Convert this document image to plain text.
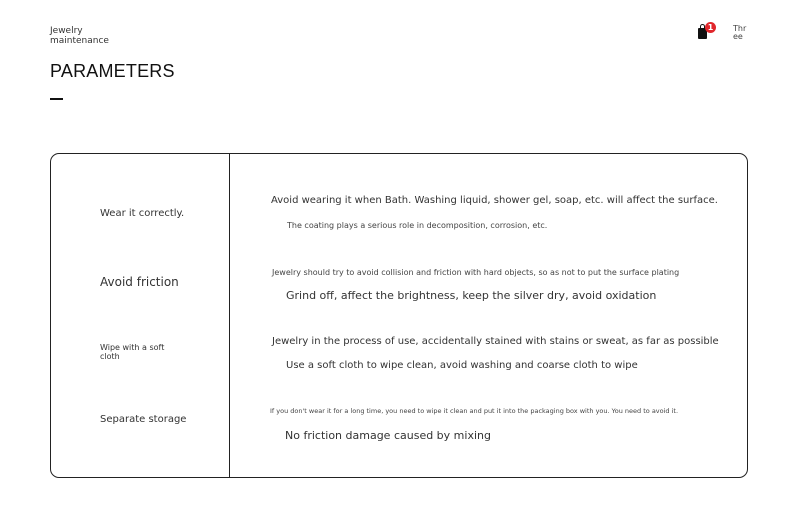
Jewelry maintenance
1	Three
PARAMETERS
Wear it correctly.
Avoid wearing it when Bath. Washing liquid, shower gel, soap, etc. will affect the surface.
The coating plays a serious role in decomposition, corrosion, etc.
Avoid friction
Jewelry should try to avoid collision and friction with hard objects, so as not to put the surface plating
Grind off, affect the brightness, keep the silver dry, avoid oxidation
Wipe with a soft cloth
Jewelry in the process of use, accidentally stained with stains or sweat, as far as possible
Use a soft cloth to wipe clean, avoid washing and coarse cloth to wipe
Separate storage
If you don't wear it for a long time, you need to wipe it clean and put it into the packaging box with you. You need to avoid it.
No friction damage caused by mixing
